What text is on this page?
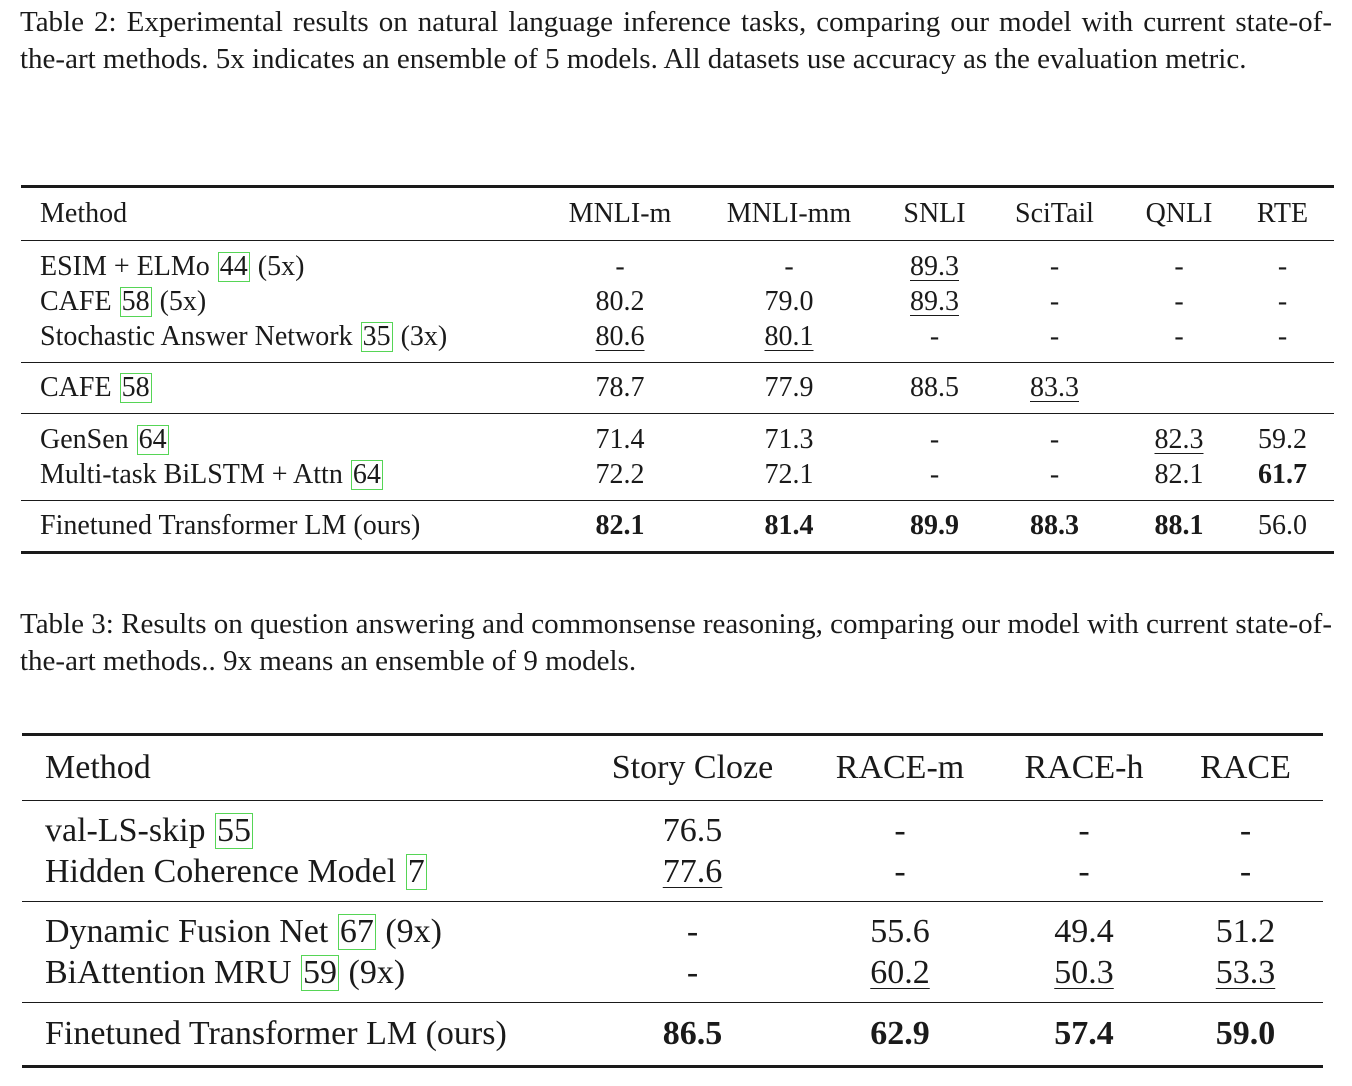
Table 2: Experimental results on natural language inference tasks, comparing our model with current state-of-the-art methods. 5x indicates an ensemble of 5 models. All datasets use accuracy as the evaluation metric.
Method	MNLI-m	MNLI-mm	SNLI	SciTail	QNLI	RTE
ESIM + ELMo 44 (5x)	-	-	89.3	-	-	-
CAFE 58 (5x)	80.2	79.0	89.3	-	-	-
Stochastic Answer Network 35 (3x)	80.6	80.1	-	-	-	-
CAFE 58	78.7	77.9	88.5	83.3		
GenSen 64	71.4	71.3	-	-	82.3	59.2
Multi-task BiLSTM + Attn 64	72.2	72.1	-	-	82.1	61.7
Finetuned Transformer LM (ours)	82.1	81.4	89.9	88.3	88.1	56.0
Table 3: Results on question answering and commonsense reasoning, comparing our model with current state-of-the-art methods.. 9x means an ensemble of 9 models.
Method	Story Cloze	RACE-m	RACE-h	RACE
val-LS-skip 55	76.5	-	-	-
Hidden Coherence Model 7	77.6	-	-	-
Dynamic Fusion Net 67 (9x)	-	55.6	49.4	51.2
BiAttention MRU 59 (9x)	-	60.2	50.3	53.3
Finetuned Transformer LM (ours)	86.5	62.9	57.4	59.0
